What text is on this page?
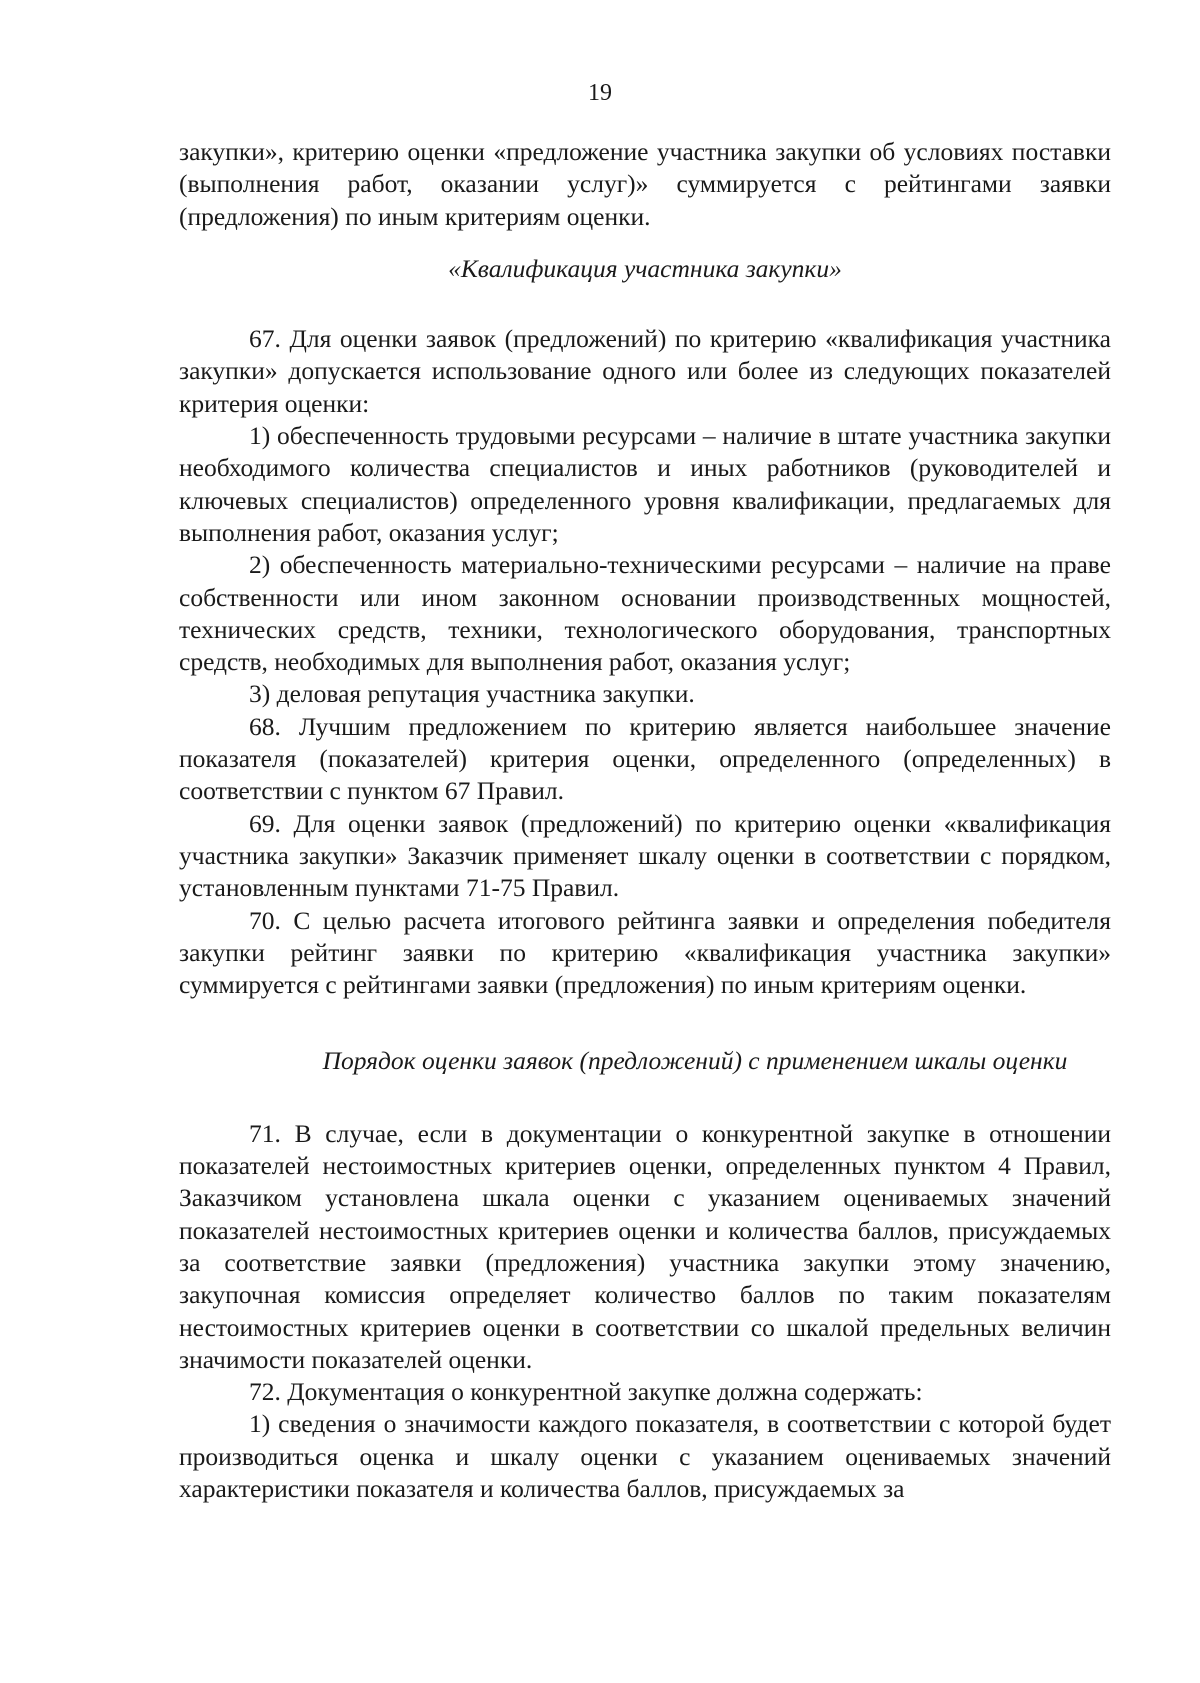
19

закупки», критерию оценки «предложение участника закупки об условиях поставки (выполнения работ, оказании услуг)» суммируется с рейтингами заявки (предложения) по иным критериям оценки.

«Квалификация участника закупки»

67. Для оценки заявок (предложений) по критерию «квалификация участника закупки» допускается использование одного или более из следующих показателей критерия оценки:

1) обеспеченность трудовыми ресурсами – наличие в штате участника закупки необходимого количества специалистов и иных работников (руководителей и ключевых специалистов) определенного уровня квалификации, предлагаемых для выполнения работ, оказания услуг;

2) обеспеченность материально-техническими ресурсами – наличие на праве собственности или ином законном основании производственных мощностей, технических средств, техники, технологического оборудования, транспортных средств, необходимых для выполнения работ, оказания услуг;

3) деловая репутация участника закупки.

68. Лучшим предложением по критерию является наибольшее значение показателя (показателей) критерия оценки, определенного (определенных) в соответствии с пунктом 67 Правил.

69. Для оценки заявок (предложений) по критерию оценки «квалификация участника закупки» Заказчик применяет шкалу оценки в соответствии с порядком, установленным пунктами 71-75 Правил.

70. С целью расчета итогового рейтинга заявки и определения победителя закупки рейтинг заявки по критерию «квалификация участника закупки» суммируется с рейтингами заявки (предложения) по иным критериям оценки.

Порядок оценки заявок (предложений) с применением шкалы оценки

71. В случае, если в документации о конкурентной закупке в отношении показателей нестоимостных критериев оценки, определенных пунктом 4 Правил, Заказчиком установлена шкала оценки с указанием оцениваемых значений показателей нестоимостных критериев оценки и количества баллов, присуждаемых за соответствие заявки (предложения) участника закупки этому значению, закупочная комиссия определяет количество баллов по таким показателям нестоимостных критериев оценки в соответствии со шкалой предельных величин значимости показателей оценки.

72. Документация о конкурентной закупке должна содержать:

1) сведения о значимости каждого показателя, в соответствии с которой будет производиться оценка и шкалу оценки с указанием оцениваемых значений характеристики показателя и количества баллов, присуждаемых за
